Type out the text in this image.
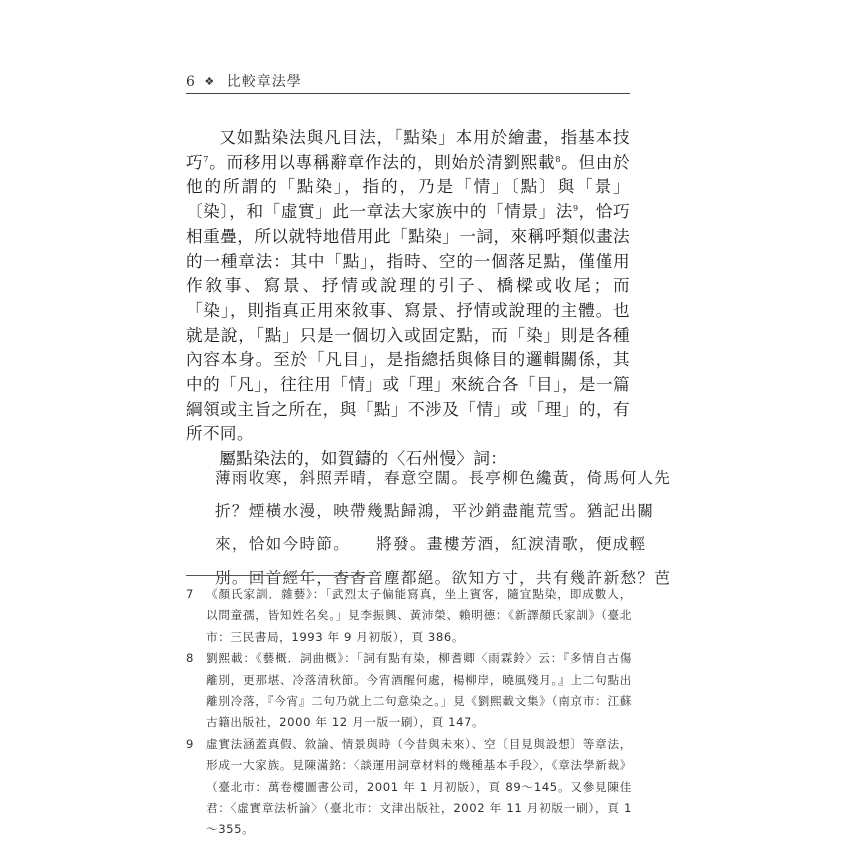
6 ❖ 比較章法學

又如點染法與凡目法，「點染」本用於繪畫，指基本技巧$^7$。而移用以專稱辭章作法的，則始於清劉熙載$^8$。但由於他的所謂的「點染」，指的，乃是「情」〔點〕與「景」〔染〕，和「虛實」此一章法大家族中的「情景」法$^9$，恰巧相重疊，所以就特地借用此「點染」一詞，來稱呼類似畫法的一種章法：其中「點」，指時、空的一個落足點，僅僅用作敘事、寫景、抒情或說理的引子、橋樑或收尾；而「染」，則指真正用來敘事、寫景、抒情或說理的主體。也就是說，「點」只是一個切入或固定點，而「染」則是各種內容本身。至於「凡目」，是指總括與條目的邏輯關係，其中的「凡」，往往用「情」或「理」來統合各「目」，是一篇綱領或主旨之所在，與「點」不涉及「情」或「理」的，有所不同。

屬點染法的，如賀鑄的〈石州慢〉詞：

薄雨收寒，斜照弄晴，春意空闊。長亭柳色纔黃，倚馬何人先
折？煙橫水漫，映帶幾點歸鴻，平沙銷盡龍荒雪。猶記出關
來，恰如今時節。　　將發。畫樓芳酒，紅淚清歌，便成輕
別。回首經年，杳杳音塵都絕。欲知方寸，共有幾許新愁？芭
7	《顏氏家訓．雜藝》：「武烈太子偏能寫真，坐上賓客，隨宜點染，即成數人，以問童孺，皆知姓名矣。」見李振興、黃沛榮、賴明德：《新譯顏氏家訓》（臺北市：三民書局，1993 年 9 月初版），頁 386。
8	劉熙載：《藝概．詞曲概》：「詞有點有染，柳耆卿〈雨霖鈴〉云：『多情自古傷離別，更那堪、冷落清秋節。今宵酒醒何處，楊柳岸，曉風殘月。』上二句點出離別冷落，『今宵』二句乃就上二句意染之。」見《劉熙載文集》（南京市：江蘇古籍出版社，2000 年 12 月一版一刷），頁 147。
9	虛實法涵蓋真假、敘論、情景與時（今昔與未來）、空〔目見與設想〕等章法，形成一大家族。見陳滿銘：〈談運用詞章材料的幾種基本手段〉，《章法學新裁》（臺北市：萬卷樓圖書公司，2001 年 1 月初版），頁 89～145。又參見陳佳君：〈虛實章法析論〉（臺北市：文津出版社，2002 年 11 月初版一刷），頁 1～355。
